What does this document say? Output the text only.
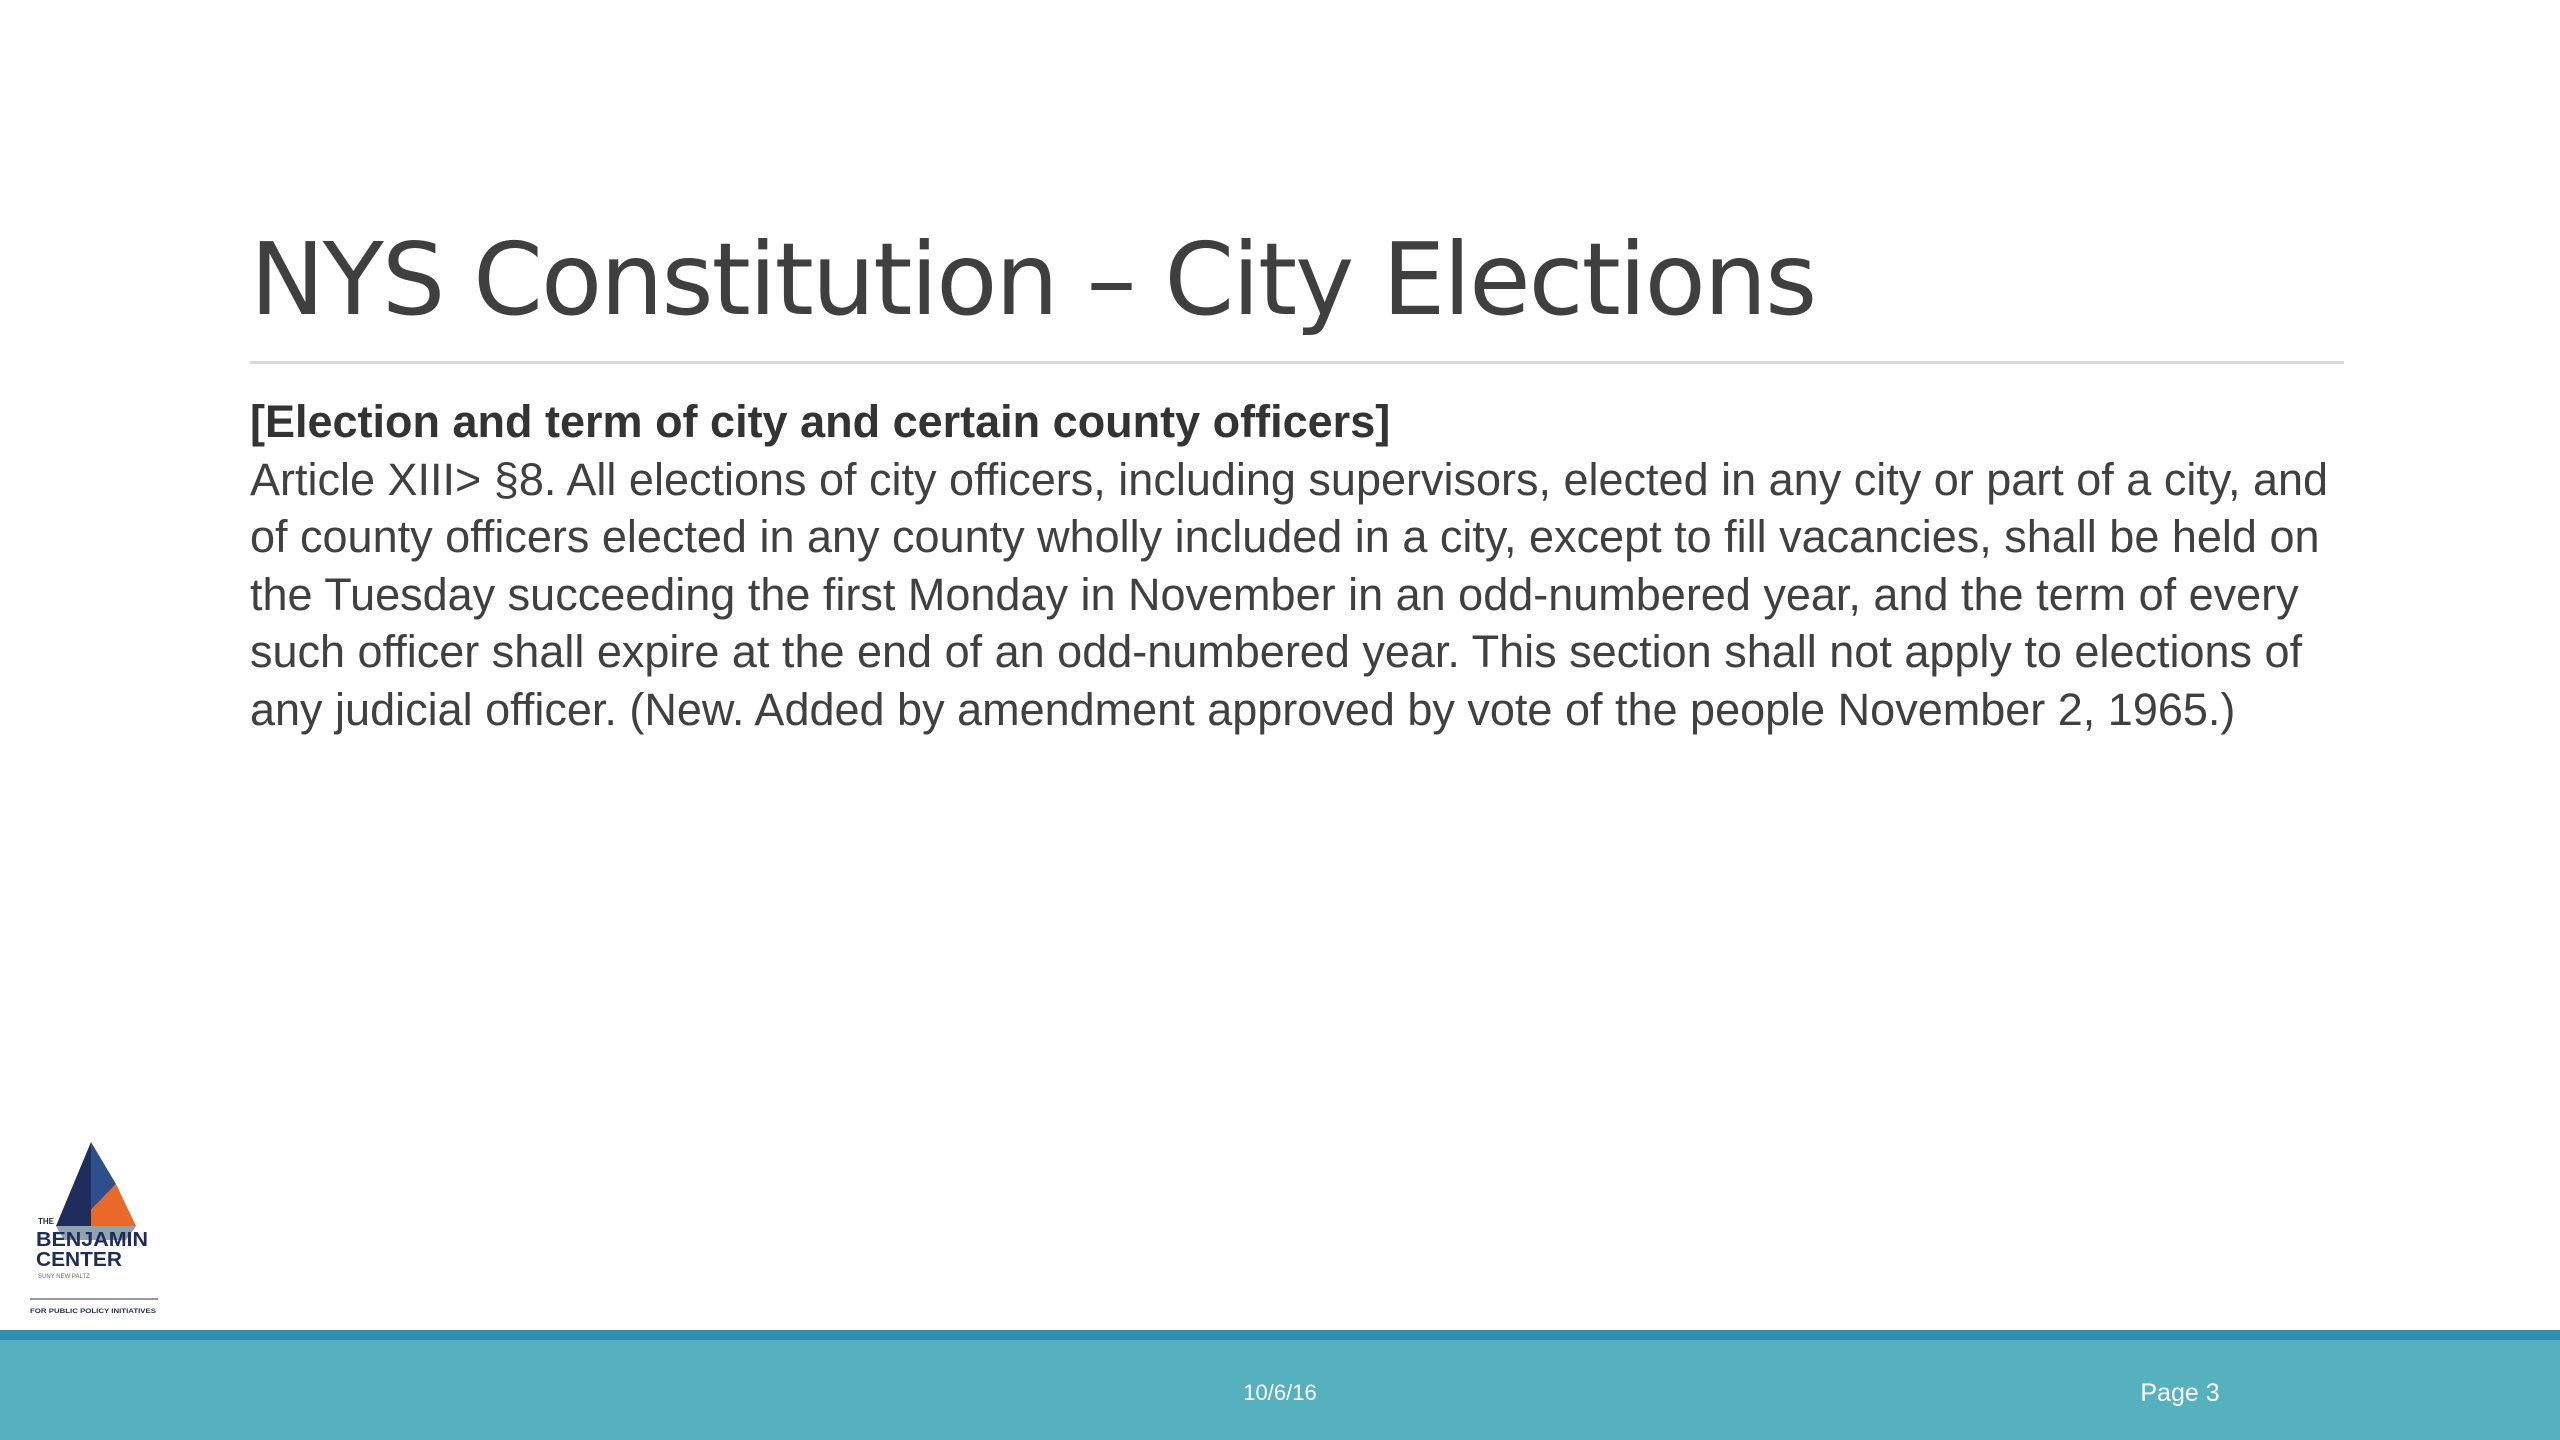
NYS Constitution – City Elections
[Election and term of city and certain county officers]
Article XIII> §8. All elections of city officers, including supervisors, elected in any city or part of a city, and of county officers elected in any county wholly included in a city, except to fill vacancies, shall be held on the Tuesday succeeding the first Monday in November in an odd-numbered year, and the term of every such officer shall expire at the end of an odd-numbered year. This section shall not apply to elections of any judicial officer. (New. Added by amendment approved by vote of the people November 2, 1965.)
THE
BENJAMIN
CENTER
SUNY NEW PALTZ
FOR PUBLIC POLICY INITIATIVES
10/6/16	Page 3
